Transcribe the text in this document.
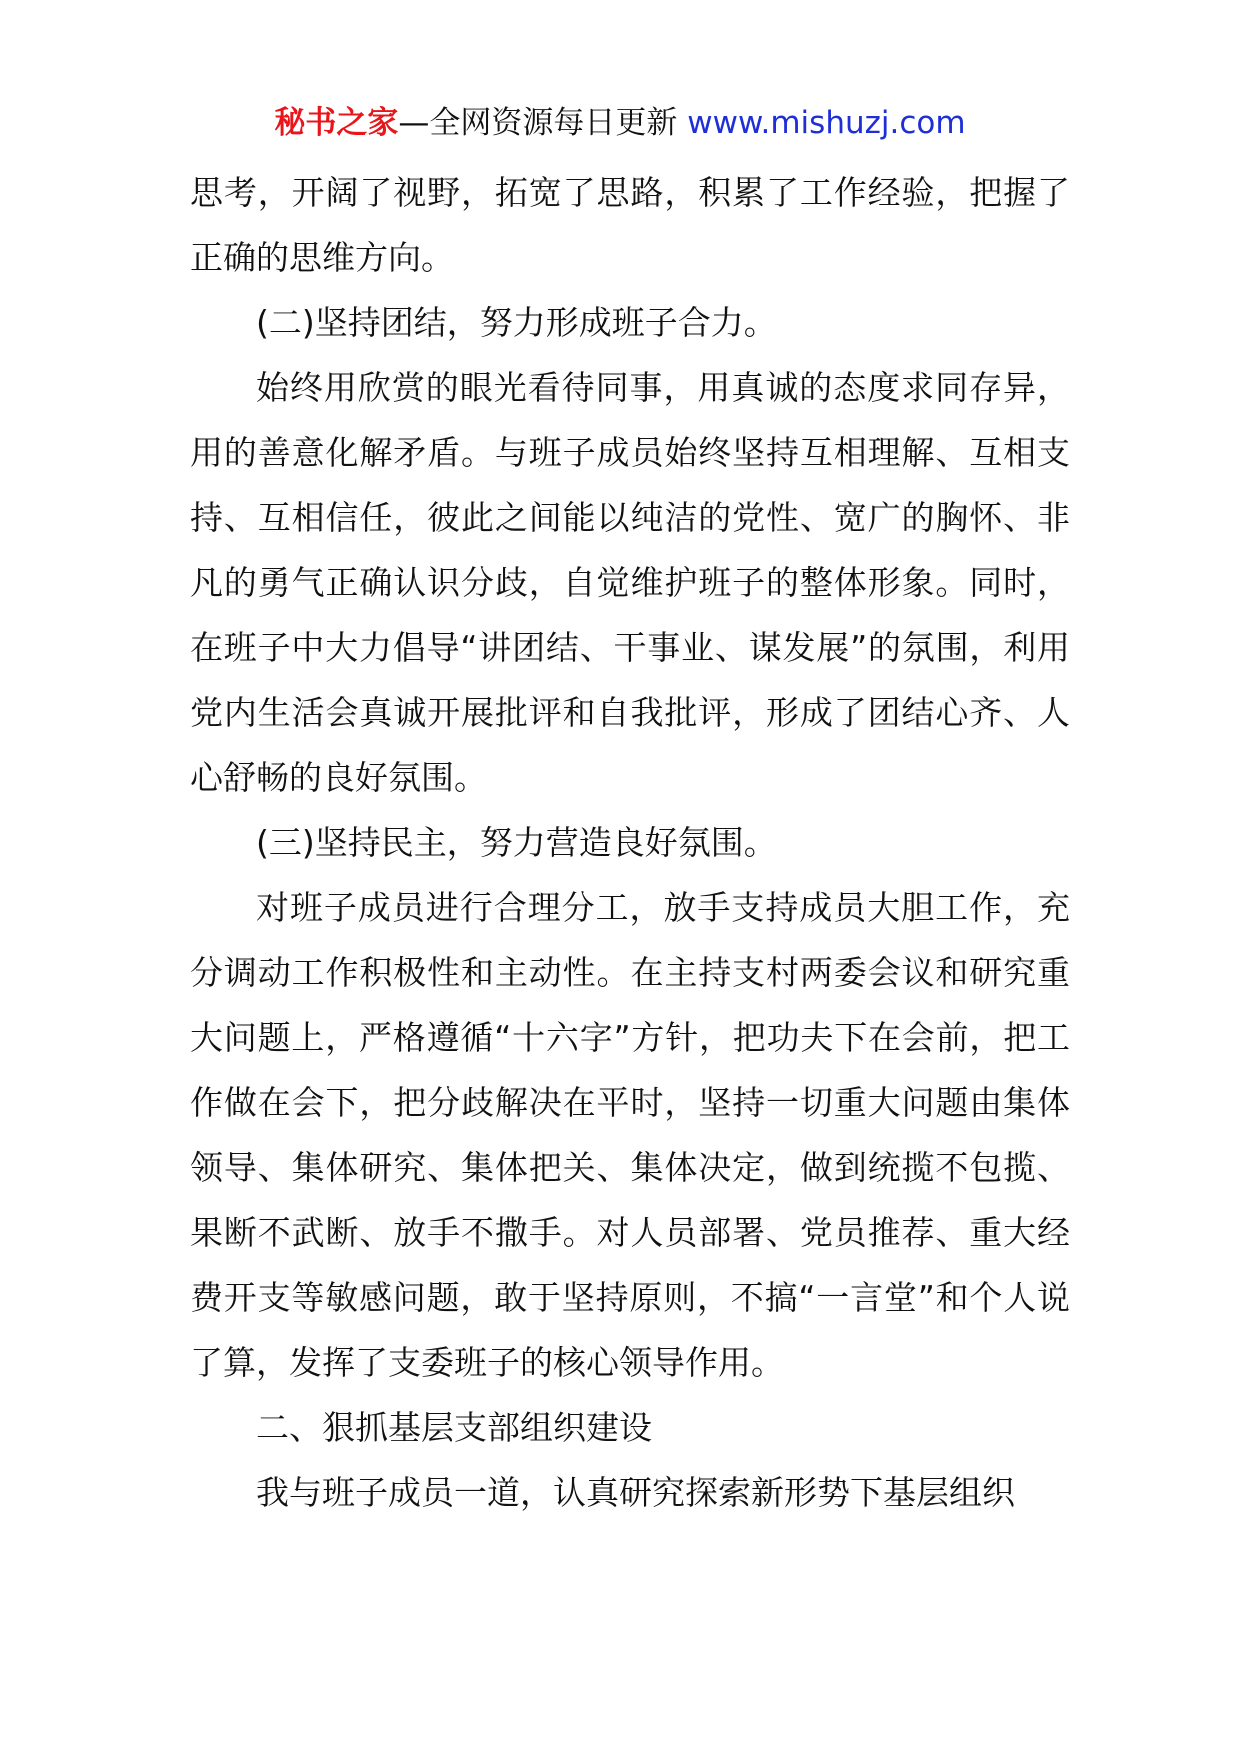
秘书之家—全网资源每日更新 www.mishuzj.com

思考，开阔了视野，拓宽了思路，积累了工作经验，把握了正确的思维方向。

(二)坚持团结，努力形成班子合力。

始终用欣赏的眼光看待同事，用真诚的态度求同存异，用的善意化解矛盾。与班子成员始终坚持互相理解、互相支持、互相信任，彼此之间能以纯洁的党性、宽广的胸怀、非凡的勇气正确认识分歧，自觉维护班子的整体形象。同时，在班子中大力倡导“讲团结、干事业、谋发展”的氛围，利用党内生活会真诚开展批评和自我批评，形成了团结心齐、人心舒畅的良好氛围。

(三)坚持民主，努力营造良好氛围。

对班子成员进行合理分工，放手支持成员大胆工作，充分调动工作积极性和主动性。在主持支村两委会议和研究重大问题上，严格遵循“十六字”方针，把功夫下在会前，把工作做在会下，把分歧解决在平时，坚持一切重大问题由集体领导、集体研究、集体把关、集体决定，做到统揽不包揽、果断不武断、放手不撒手。对人员部署、党员推荐、重大经费开支等敏感问题，敢于坚持原则，不搞“一言堂”和个人说了算，发挥了支委班子的核心领导作用。

二、狠抓基层支部组织建设

我与班子成员一道，认真研究探索新形势下基层组织
